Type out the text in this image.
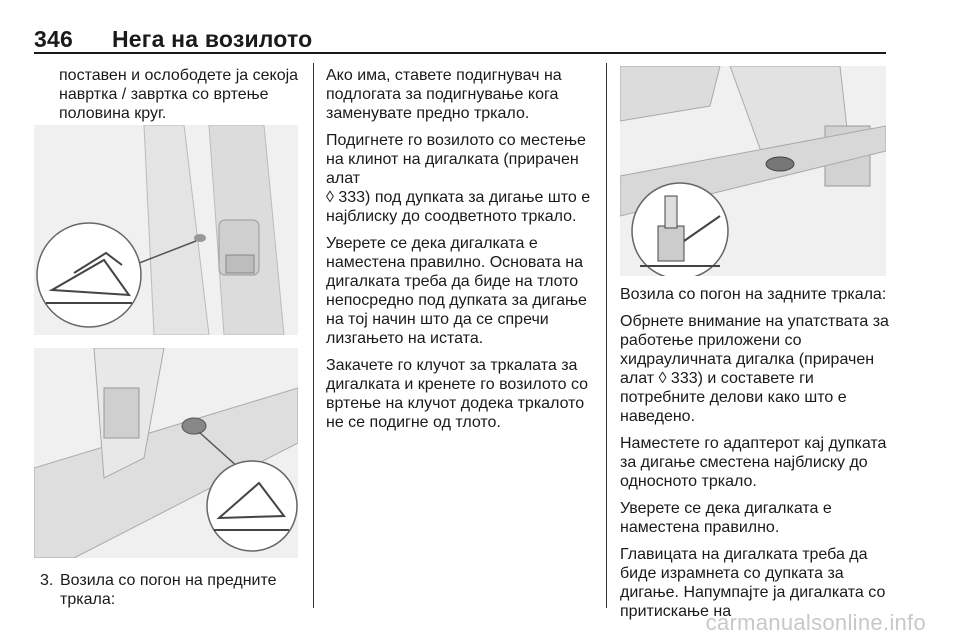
346 Нега на возилото

поставен и ослободете ја секоја навртка / завртка со вртење половина круг.

3. Возила со погон на предните тркала:

Ако има, ставете подигнувач на подлогата за подигнување кога заменувате предно тркало.

Подигнете го возилото со местење на клинот на дигалката (прирачен алат
◊ 333) под дупката за дигање што е најблиску до соодветното тркало.

Уверете се дека дигалката е наместена правилно. Основата на дигалката треба да биде на тлото непосредно под дупката за дигање на тој начин што да се спречи лизгањето на истата.

Закачете го клучот за тркалата за дигалката и кренете го возилото со вртење на клучот додека тркалото не се подигне од тлото.

Возила со погон на задните тркала:

Обрнете внимание на упатствата за работење приложени со хидрауличната дигалка (прирачен алат ◊ 333) и составете ги потребните делови како што е наведено.

Наместете го адаптерот кај дупката за дигање сместена најблиску до односното тркало.

Уверете се дека дигалката е наместена правилно.

Главицата на дигалката треба да биде израмнета со дупката за дигање. Напумпајте ја дигалката со притискање на

carmanualsonline.info
